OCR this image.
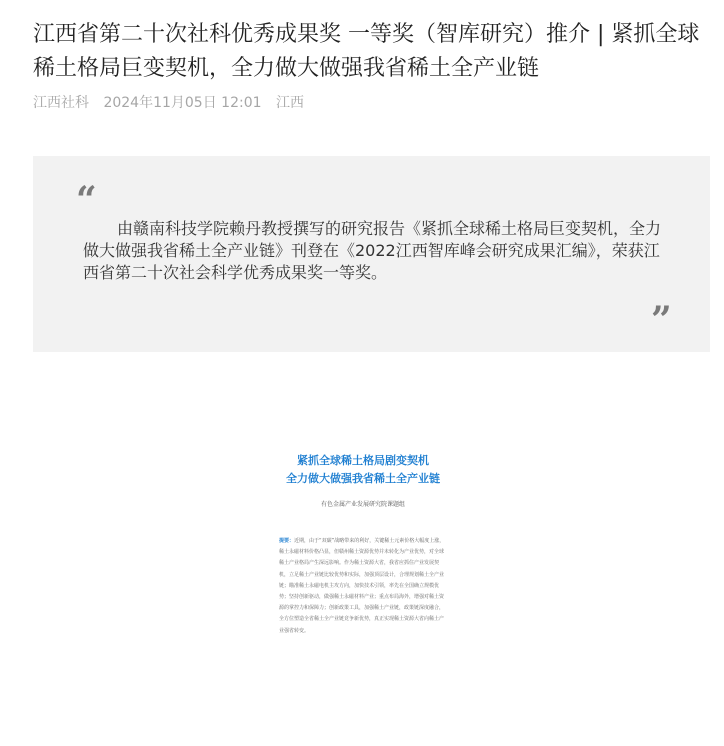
江西省第二十次社科优秀成果奖 一等奖（智库研究）推介 | 紧抓全球稀土格局巨变契机，全力做大做强我省稀土全产业链
江西社科 2024年11月05日 12:01 江西
“

由赣南科技学院赖丹教授撰写的研究报告《紧抓全球稀土格局巨变契机，全力做大做强我省稀土全产业链》刊登在《2022江西智库峰会研究成果汇编》，荣获江西省第二十次社会科学优秀成果奖一等奖。

”

紧抓全球稀土格局剧变契机

全力做大做强我省稀土全产业链

有色金属产业发展研究院课题组

提要：近期，由于“双碳”战略带来的利好，关键稀土元素价格大幅度上涨，稀土永磁材料价格凸显，但赣州稀土资源优势并未转化为产业优势，对全球稀土产业格局产生深远影响。作为稀土资源大省，我省应抓住产业发展契机，立足稀土产业链比较优势和实际，加强顶层设计，合理规划稀土全产业链；瞄准稀土永磁电机主攻方向，加快技术引领，率先在全国确立规模优势；坚持创新驱动，做强稀土永磁材料产业；重点布局海外，增强对稀土资源的掌控力和保障力；创新政策工具，加强稀土产业链，政策链深度融合，全方位塑造全省稀土全产业链竞争新优势，真正实现稀土资源大省向稀土产业强省转变。
